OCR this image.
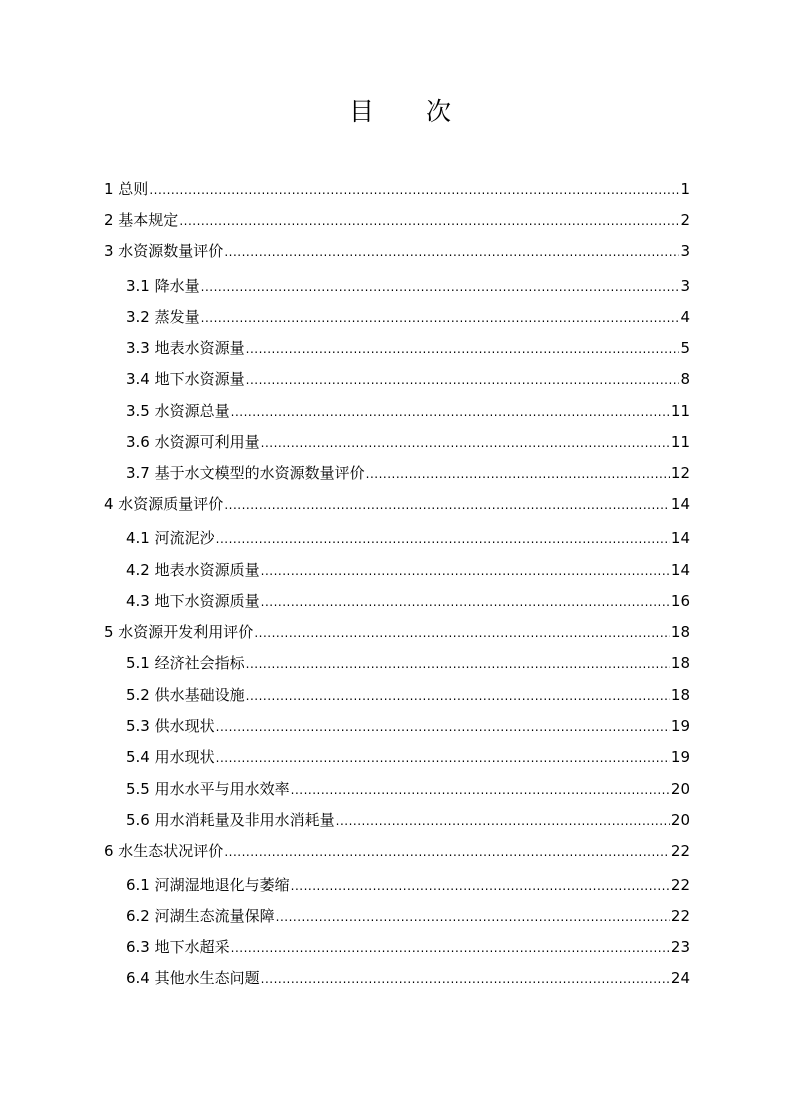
目 次
1 总则 .....	1
2 基本规定 .....	2
3 水资源数量评价 .....	3
3.1 降水量 .....	3
3.2 蒸发量 .....	4
3.3 地表水资源量 .....	5
3.4 地下水资源量 .....	8
3.5 水资源总量 .....	11
3.6 水资源可利用量 .....	11
3.7 基于水文模型的水资源数量评价 .....	12
4 水资源质量评价 .....	14
4.1 河流泥沙 .....	14
4.2 地表水资源质量 .....	14
4.3 地下水资源质量 .....	16
5 水资源开发利用评价 .....	18
5.1 经济社会指标 .....	18
5.2 供水基础设施 .....	18
5.3 供水现状 .....	19
5.4 用水现状 .....	19
5.5 用水水平与用水效率 .....	20
5.6 用水消耗量及非用水消耗量 .....	20
6 水生态状况评价 .....	22
6.1 河湖湿地退化与萎缩 .....	22
6.2 河湖生态流量保障 .....	22
6.3 地下水超采 .....	23
6.4 其他水生态问题 .....	24
